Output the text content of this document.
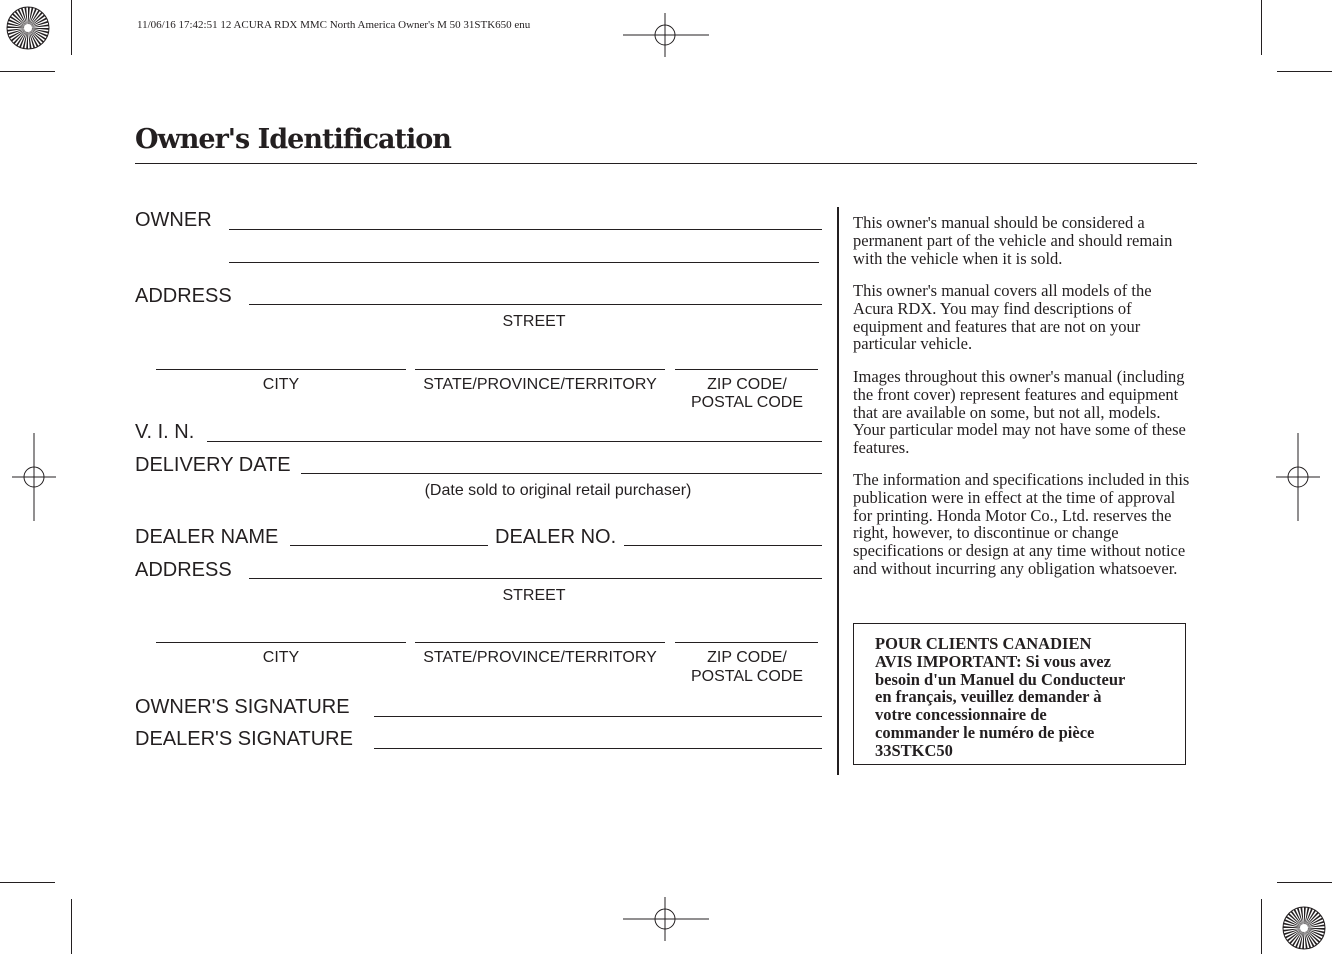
11/06/16 17:42:51 12 ACURA RDX MMC North America Owner's M 50 31STK650 enu
Owner's Identification
OWNER
ADDRESS
STREET
CITY	STATE/PROVINCE/TERRITORY	ZIP CODE/
POSTAL CODE
V. I. N.
DELIVERY DATE
(Date sold to original retail purchaser)
DEALER NAME	DEALER NO.
ADDRESS
STREET
CITY	STATE/PROVINCE/TERRITORY	ZIP CODE/
POSTAL CODE
OWNER'S SIGNATURE
DEALER'S SIGNATURE
This owner's manual should be considered a permanent part of the vehicle and should remain with the vehicle when it is sold.
This owner's manual covers all models of the Acura RDX. You may find descriptions of equipment and features that are not on your particular vehicle.
Images throughout this owner's manual (including the front cover) represent features and equipment that are available on some, but not all, models. Your particular model may not have some of these features.
The information and specifications included in this publication were in effect at the time of approval for printing. Honda Motor Co., Ltd. reserves the right, however, to discontinue or change specifications or design at any time without notice and without incurring any obligation whatsoever.
POUR CLIENTS CANADIEN
AVIS IMPORTANT: Si vous avez
besoin d'un Manuel du Conducteur
en français, veuillez demander à
votre concessionnaire de
commander le numéro de pièce
33STKC50
